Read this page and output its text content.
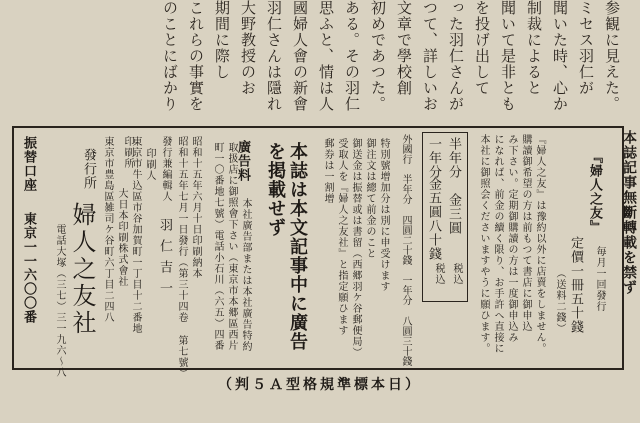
参観に見えた。
ミセス羽仁が
聞いた時、心か
制裁によると
聞いて是非とも
を投げ出して
った羽仁さんが
つて、詳しいお
文章で學校創
初めであつた。
ある。その羽仁
思ふと、情は人
國婦人會の新會
羽仁さんは隱れ
大野教授のお
期間に際し
これらの事實を
のことにばかり
本誌記事無斷轉載を禁ず
『婦人之友』
毎月一回發行
定價一冊五十錢
（送料二錢）
『婦人之友』は豫約以外に店賣をしません。
購讀御希望の方は前もつて書店に御申込
み下さい。定期御購讀の方は一度御申込み
になれば、前金の續く限り、お手許へ直接に
本社に御照会くださいますやうに願ひます。
半年分
金三圓
税込
一年分
金五圓八十錢
税込
外國行　半年分 四圓二十錢　一年分 八圓三十錢
特別號增加分は別に申受けます
御注文は總て前金のこと
御送金は振替或は書留（西郷羽ケ谷郵便局）
受取人を『婦人之友社』と指定願ひます
郵券は一割增
本誌は本文記事中に廣告
を掲載せず
廣告料
本社廣告部または本社廣告特約
取扱店に御照會下さい（東京市本郷區西片
町一〇番地七號）電話小石川（六五）四番
昭和十五年六月十日印刷納本
昭和十五年七月一日發行（第三十四卷 第七號）
發行兼編輯人
羽仁吉一
印刷人
東京市牛込區市谷加賀町一丁目十二番地
大日本印刷株式會社
印刷所
東京市豊島區雑司ケ谷町六丁目二四八
發行所
婦人之友社
電話大塚（三七）三一九六〜八
振替口座
東京一一六〇〇番
（判５Ａ型格規準標本日）
